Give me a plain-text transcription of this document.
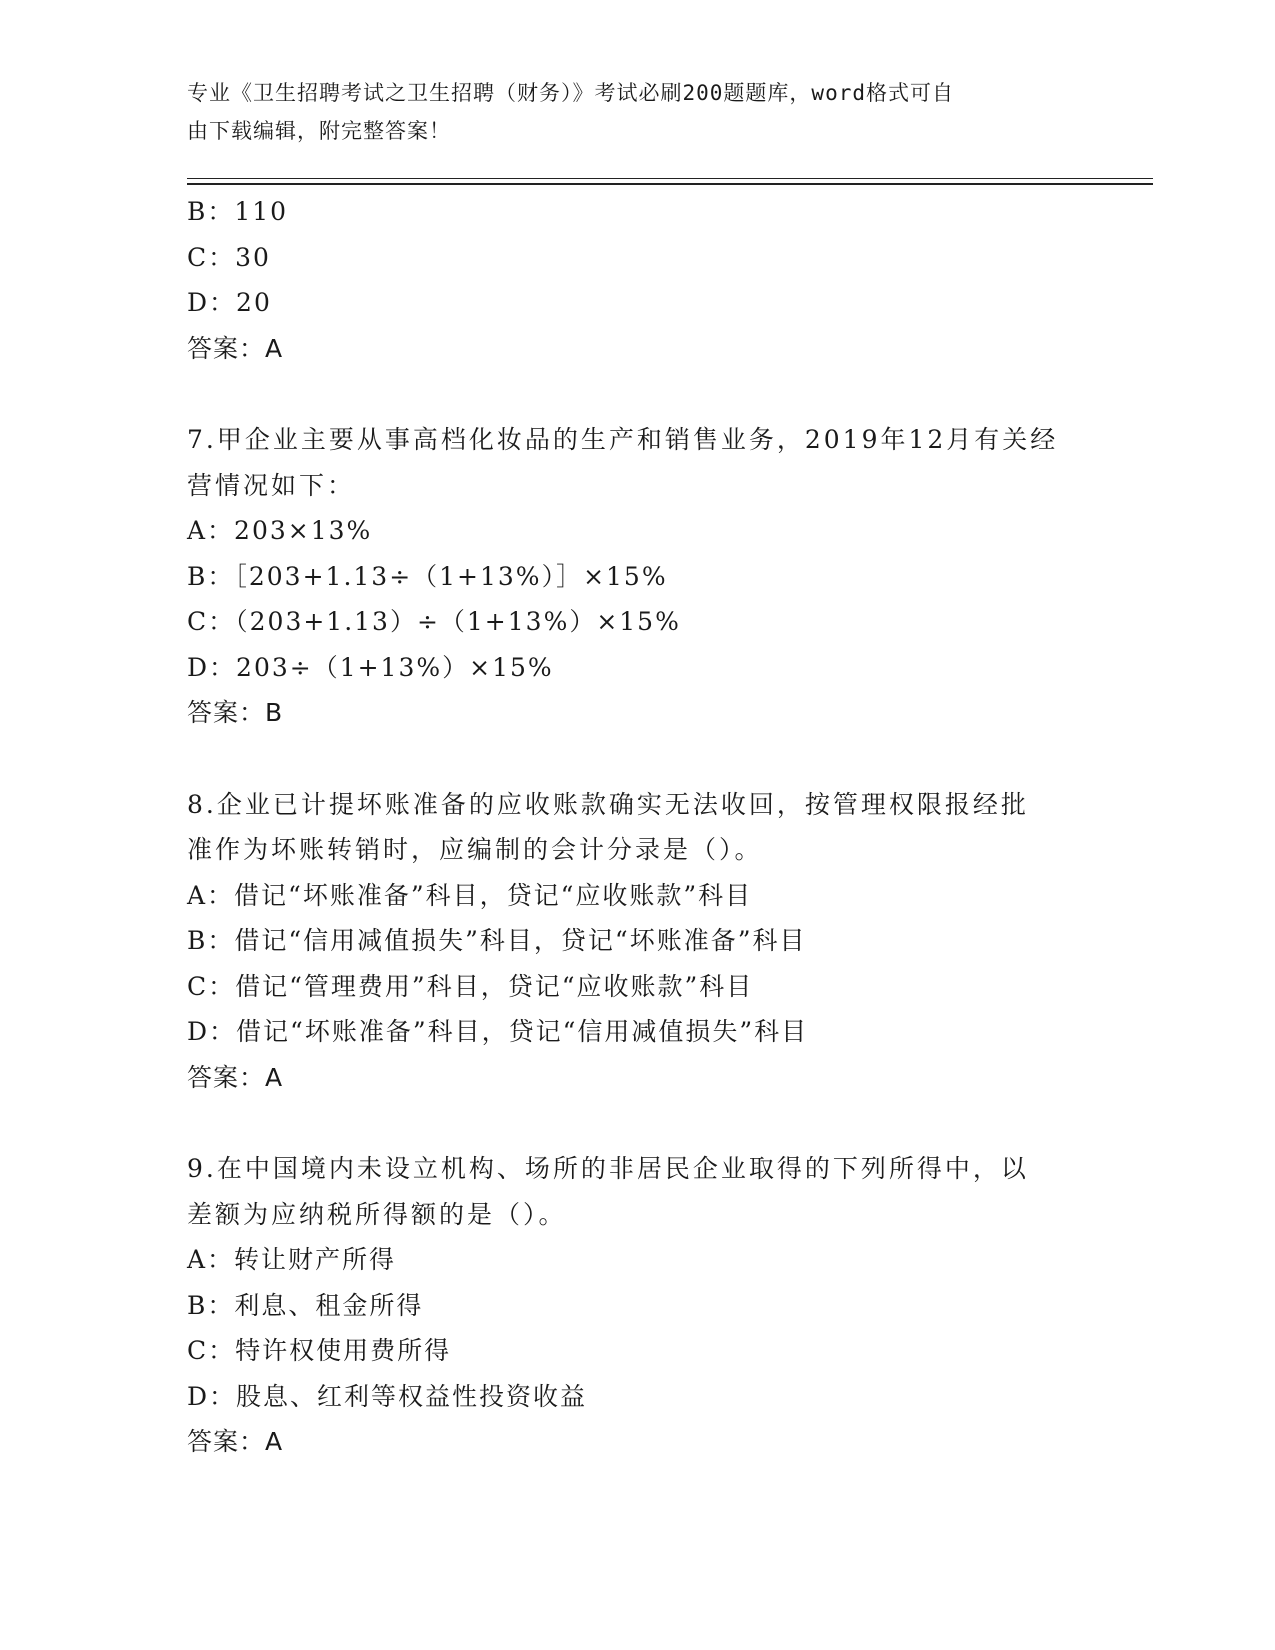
专业《卫生招聘考试之卫生招聘（财务）》考试必刷200题题库，word格式可自
由下载编辑，附完整答案！
B：110
C：30
D：20
答案：A
7.甲企业主要从事高档化妆品的生产和销售业务，2019年12月有关经
营情况如下：
A：203×13%
B：［203+1.13÷（1+13%）］×15%
C：（203+1.13）÷（1+13%）×15%
D：203÷（1+13%）×15%
答案：B
8.企业已计提坏账准备的应收账款确实无法收回，按管理权限报经批
准作为坏账转销时，应编制的会计分录是（）。
A：借记“坏账准备”科目，贷记“应收账款”科目
B：借记“信用减值损失”科目，贷记“坏账准备”科目
C：借记“管理费用”科目，贷记“应收账款”科目
D：借记“坏账准备”科目，贷记“信用减值损失”科目
答案：A
9.在中国境内未设立机构、场所的非居民企业取得的下列所得中，以
差额为应纳税所得额的是（）。
A：转让财产所得
B：利息、租金所得
C：特许权使用费所得
D：股息、红利等权益性投资收益
答案：A
